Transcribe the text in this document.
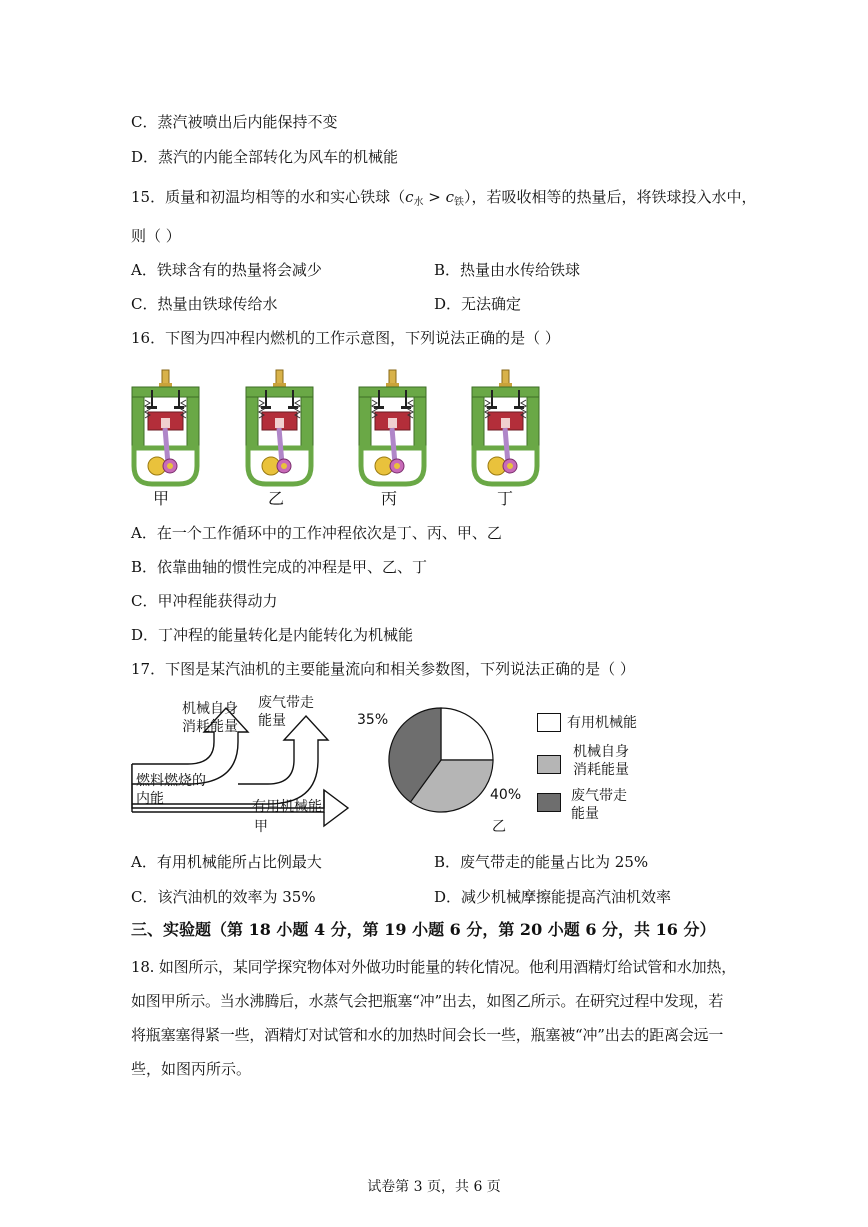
C．蒸汽被喷出后内能保持不变
D．蒸汽的内能全部转化为风车的机械能
15．质量和初温均相等的水和实心铁球$(c_水 > c_铁)$，若吸收相等的热量后，将铁球投入水中，
则（ ）
A．铁球含有的热量将会减少	B．热量由水传给铁球
C．热量由铁球传给水	D．无法确定
16．下图为四冲程内燃机的工作示意图，下列说法正确的是（ ）
甲	乙	丙	丁
A．在一个工作循环中的工作冲程依次是丁、丙、甲、乙
B．依靠曲轴的惯性完成的冲程是甲、乙、丁
C．甲冲程能获得动力
D．丁冲程的能量转化是内能转化为机械能
17．下图是某汽油机的主要能量流向和相关参数图，下列说法正确的是（ ）
燃料燃烧的
内能
机械自身
消耗能量
废气带走
能量
有用机械能
甲
35%
40%
乙
有用机械能
机械自身
消耗能量
废气带走
能量
A．有用机械能所占比例最大	B．废气带走的能量占比为 25%
C．该汽油机的效率为 35%	D．减少机械摩擦能提高汽油机效率
三、实验题（第 18 小题 4 分，第 19 小题 6 分，第 20 小题 6 分，共 16 分）
18. 如图所示，某同学探究物体对外做功时能量的转化情况。他利用酒精灯给试管和水加热，
如图甲所示。当水沸腾后，水蒸气会把瓶塞“冲”出去，如图乙所示。在研究过程中发现，若
将瓶塞塞得紧一些，酒精灯对试管和水的加热时间会长一些，瓶塞被“冲”出去的距离会远一
些，如图丙所示。
试卷第 3 页，共 6 页
